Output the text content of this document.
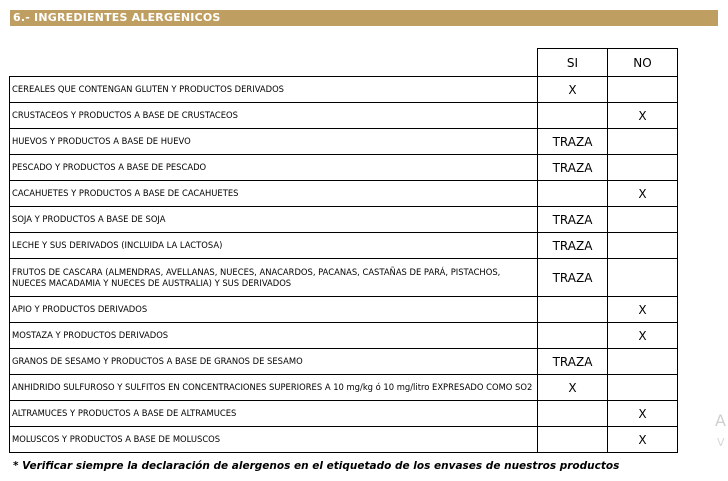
6.- INGREDIENTES ALERGENICOS
	SI	NO
CEREALES QUE CONTENGAN GLUTEN Y PRODUCTOS DERIVADOS	X	
CRUSTACEOS Y PRODUCTOS A BASE DE CRUSTACEOS		X
HUEVOS Y PRODUCTOS A BASE DE HUEVO	TRAZA	
PESCADO Y PRODUCTOS A BASE DE PESCADO	TRAZA	
CACAHUETES Y PRODUCTOS A BASE DE CACAHUETES		X
SOJA Y PRODUCTOS A BASE DE SOJA	TRAZA	
LECHE Y SUS DERIVADOS (INCLUIDA LA LACTOSA)	TRAZA	
FRUTOS DE CASCARA (ALMENDRAS, AVELLANAS, NUECES, ANACARDOS, PACANAS, CASTAÑAS DE PARÁ, PISTACHOS, NUECES MACADAMIA Y NUECES DE AUSTRALIA) Y SUS DERIVADOS	TRAZA	
APIO Y PRODUCTOS DERIVADOS		X
MOSTAZA Y PRODUCTOS DERIVADOS		X
GRANOS DE SESAMO Y PRODUCTOS A BASE DE GRANOS DE SESAMO	TRAZA	
ANHIDRIDO SULFUROSO Y SULFITOS EN CONCENTRACIONES SUPERIORES A 10 mg/kg ó 10 mg/litro EXPRESADO COMO SO2	X	
ALTRAMUCES Y PRODUCTOS A BASE DE ALTRAMUCES		X
MOLUSCOS Y PRODUCTOS A BASE DE MOLUSCOS		X
* Verificar siempre la declaración de alergenos en el etiquetado de los envases de nuestros productos
A
V
